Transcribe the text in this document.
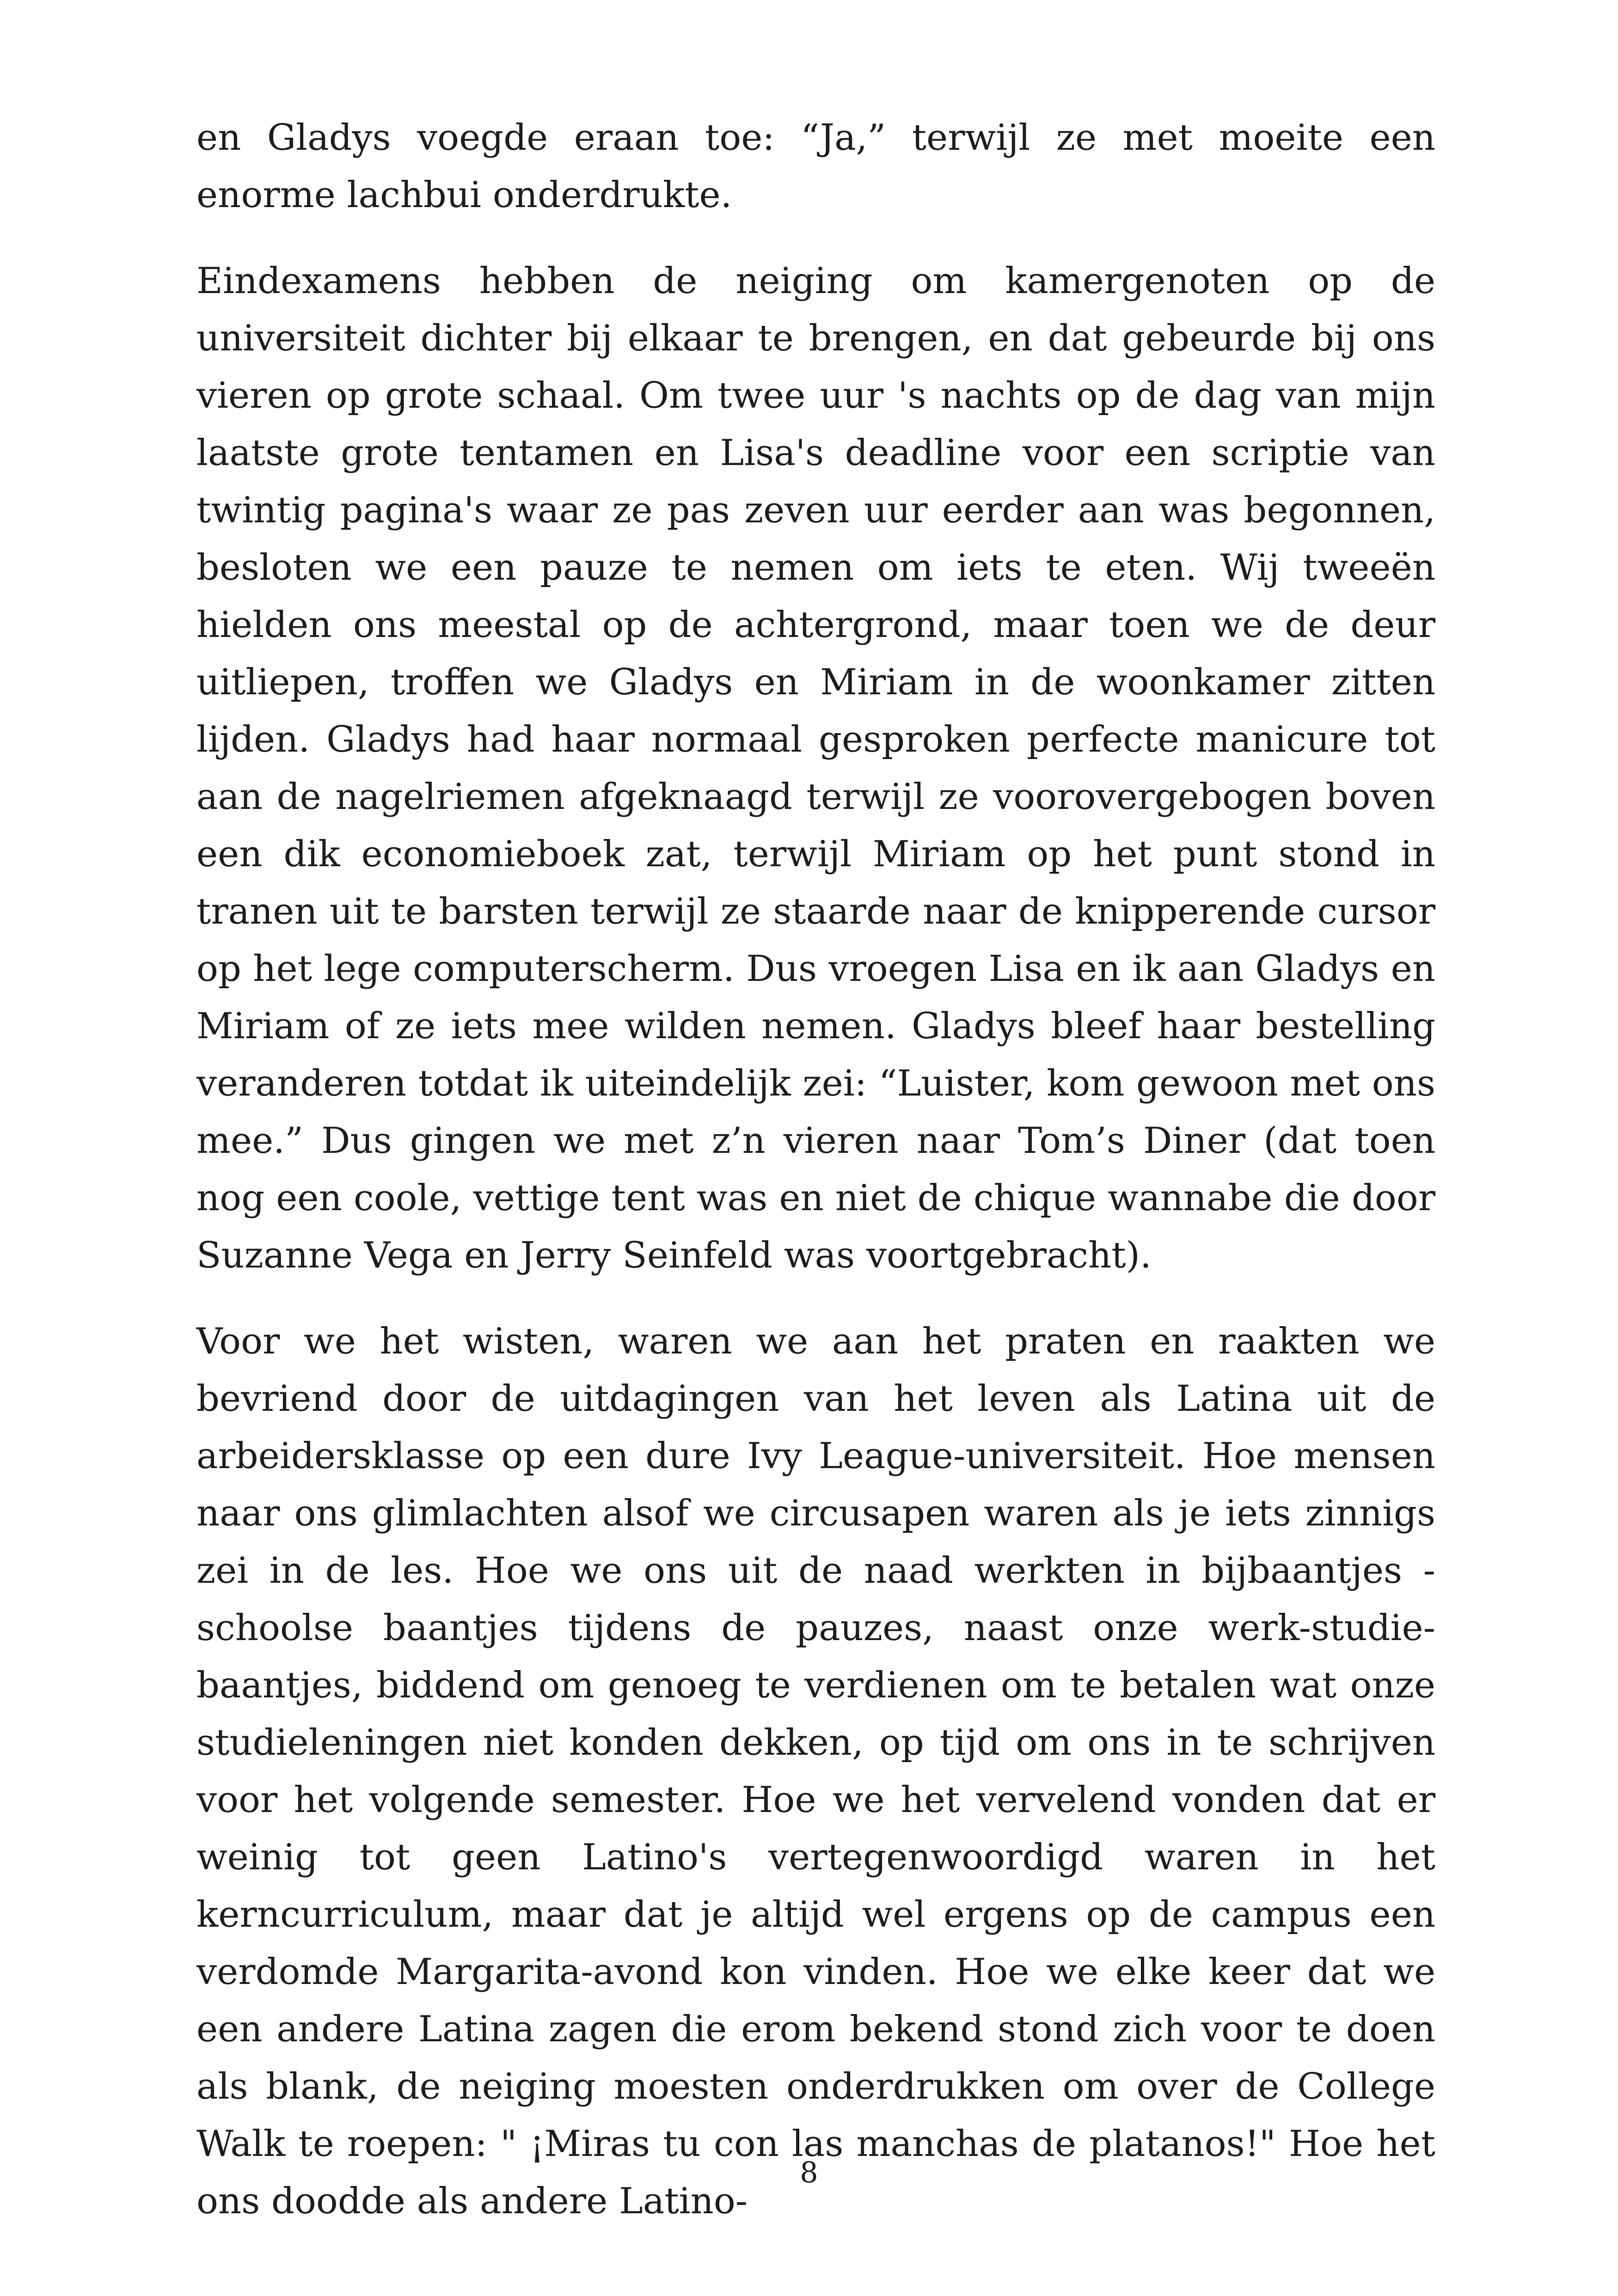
en Gladys voegde eraan toe: “Ja,” terwijl ze met moeite een enorme lachbui onderdrukte.

Eindexamens hebben de neiging om kamergenoten op de universiteit dichter bij elkaar te brengen, en dat gebeurde bij ons vieren op grote schaal. Om twee uur 's nachts op de dag van mijn laatste grote tentamen en Lisa's deadline voor een scriptie van twintig pagina's waar ze pas zeven uur eerder aan was begonnen, besloten we een pauze te nemen om iets te eten. Wij tweeën hielden ons meestal op de achtergrond, maar toen we de deur uitliepen, troffen we Gladys en Miriam in de woonkamer zitten lijden. Gladys had haar normaal gesproken perfecte manicure tot aan de nagelriemen afgeknaagd terwijl ze voorovergebogen boven een dik economieboek zat, terwijl Miriam op het punt stond in tranen uit te barsten terwijl ze staarde naar de knipperende cursor op het lege computerscherm. Dus vroegen Lisa en ik aan Gladys en Miriam of ze iets mee wilden nemen. Gladys bleef haar bestelling veranderen totdat ik uiteindelijk zei: “Luister, kom gewoon met ons mee.” Dus gingen we met z’n vieren naar Tom’s Diner (dat toen nog een coole, vettige tent was en niet de chique wannabe die door Suzanne Vega en Jerry Seinfeld was voortgebracht).

Voor we het wisten, waren we aan het praten en raakten we bevriend door de uitdagingen van het leven als Latina uit de arbeidersklasse op een dure Ivy League-universiteit. Hoe mensen naar ons glimlachten alsof we circusapen waren als je iets zinnigs zei in de les. Hoe we ons uit de naad werkten in bijbaantjes -schoolse baantjes tijdens de pauzes, naast onze werk-studie-baantjes, biddend om genoeg te verdienen om te betalen wat onze studieleningen niet konden dekken, op tijd om ons in te schrijven voor het volgende semester. Hoe we het vervelend vonden dat er weinig tot geen Latino's vertegenwoordigd waren in het kerncurriculum, maar dat je altijd wel ergens op de campus een verdomde Margarita-avond kon vinden. Hoe we elke keer dat we een andere Latina zagen die erom bekend stond zich voor te doen als blank, de neiging moesten onderdrukken om over de College Walk te roepen: " ¡Miras tu con las manchas de platanos!" Hoe het ons doodde als andere Latino-

8
